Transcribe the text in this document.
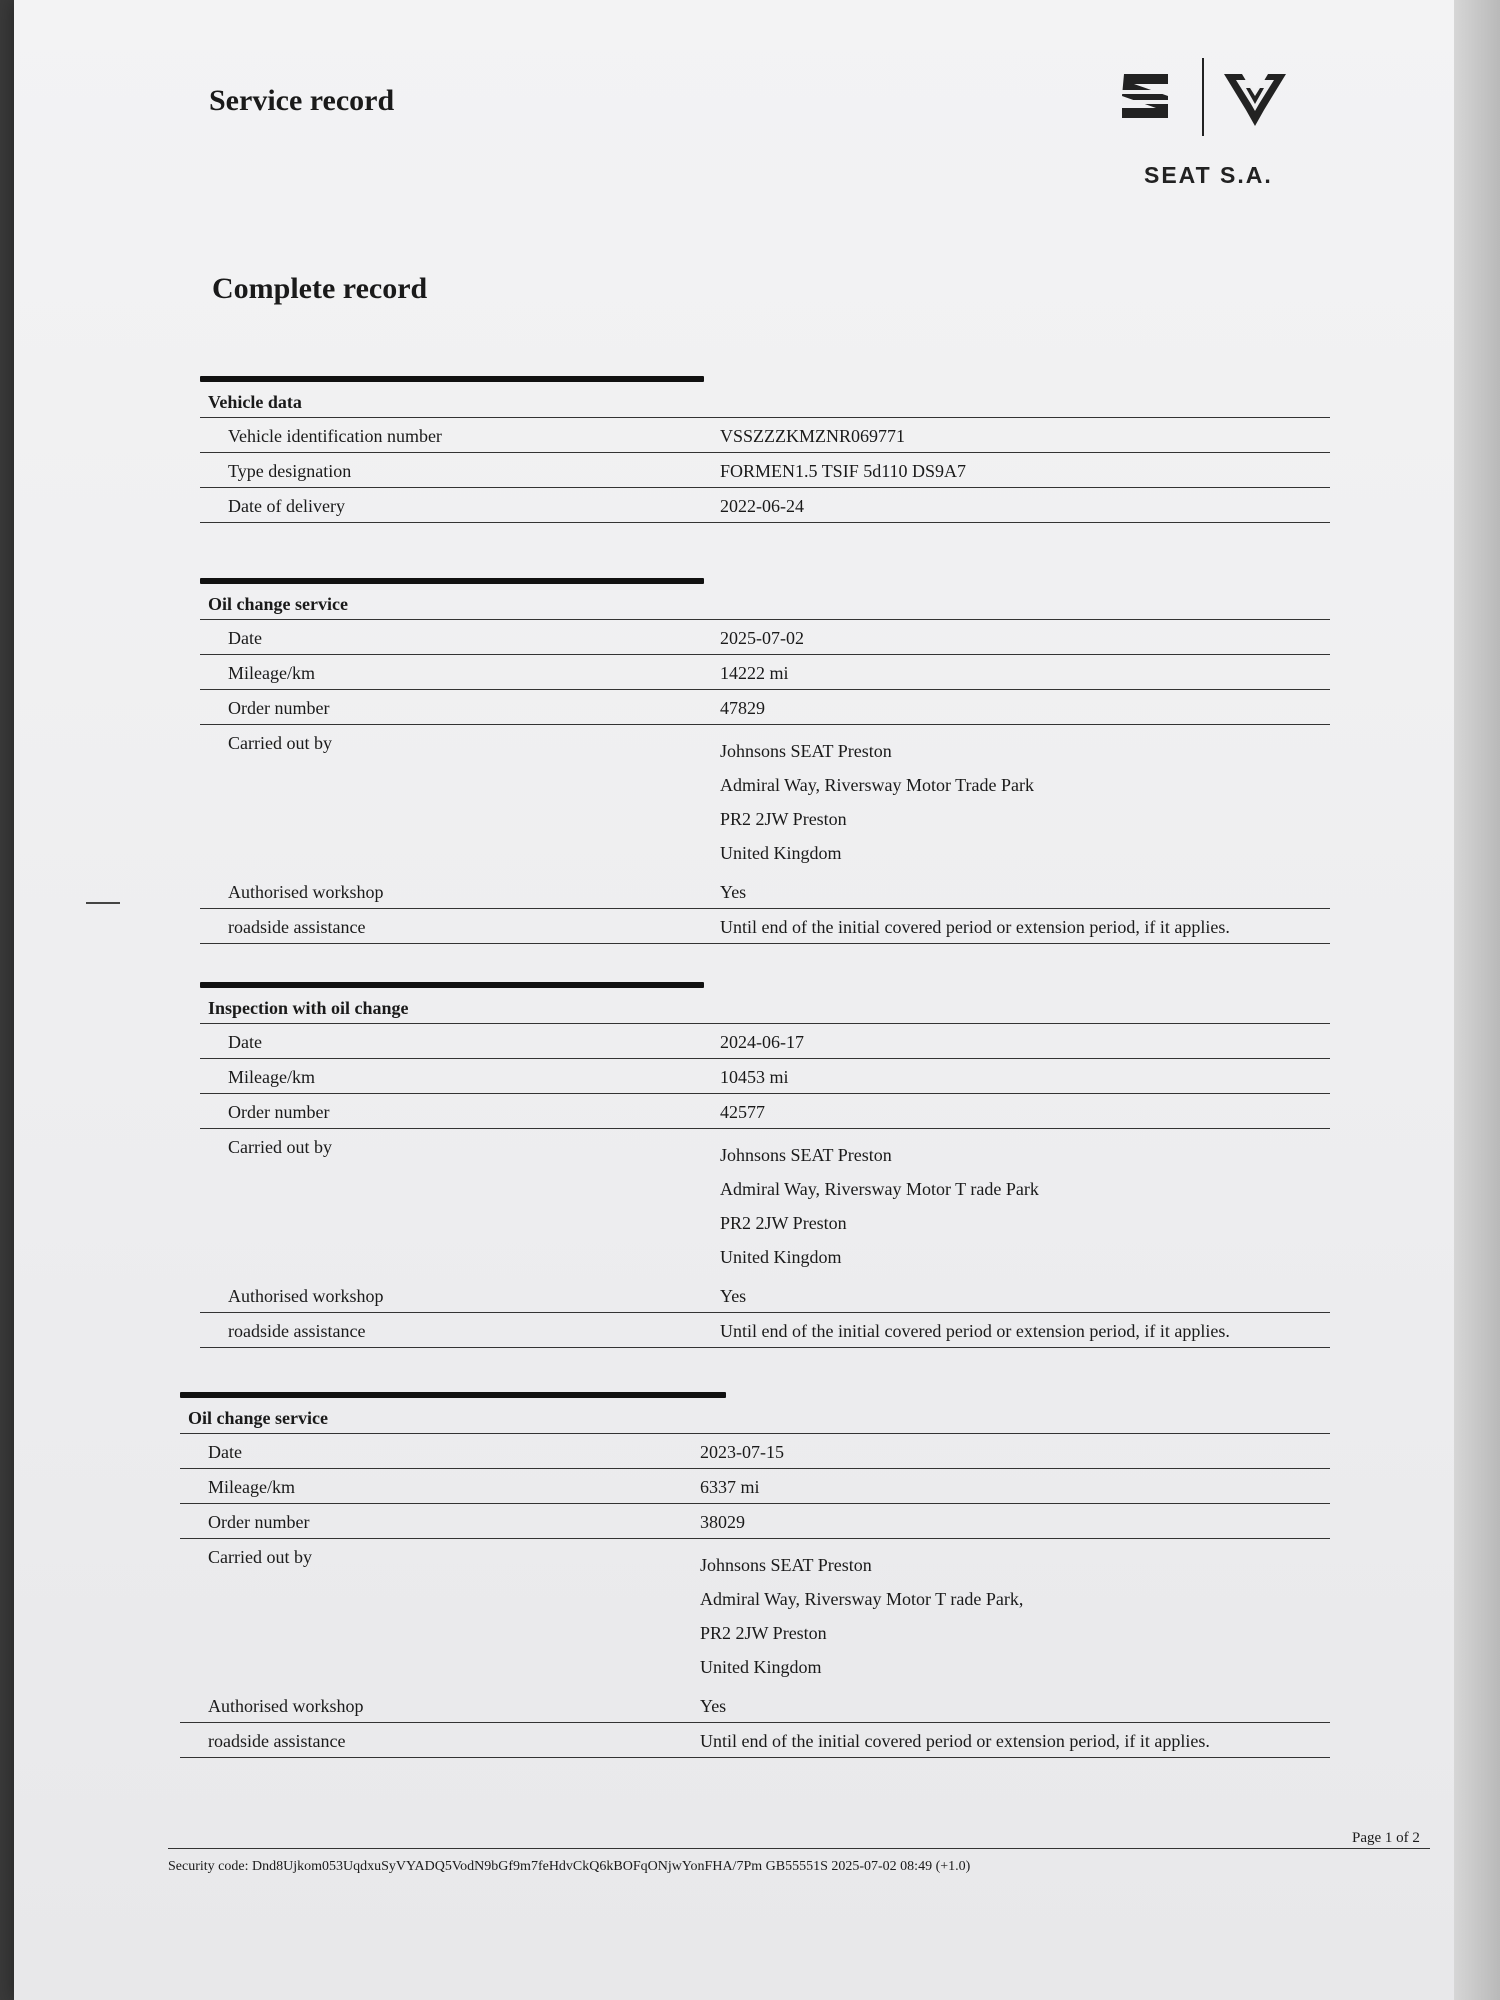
Service record
SEAT S.A.
Complete record
Vehicle data
Vehicle identification number	VSSZZZKMZNR069771
Type designation	FORMEN1.5 TSIF 5d110 DS9A7
Date of delivery	2022-06-24
Oil change service
Date	2025-07-02
Mileage/km	14222 mi
Order number	47829
Carried out by	Johnsons SEAT Preston
Admiral Way, Riversway Motor Trade Park
PR2 2JW Preston
United Kingdom
Authorised workshop	Yes
roadside assistance	Until end of the initial covered period or extension period, if it applies.
Inspection with oil change
Date	2024-06-17
Mileage/km	10453 mi
Order number	42577
Carried out by	Johnsons SEAT Preston
Admiral Way, Riversway Motor T rade Park
PR2 2JW Preston
United Kingdom
Authorised workshop	Yes
roadside assistance	Until end of the initial covered period or extension period, if it applies.
Oil change service
Date	2023-07-15
Mileage/km	6337 mi
Order number	38029
Carried out by	Johnsons SEAT Preston
Admiral Way, Riversway Motor T rade Park,
PR2 2JW Preston
United Kingdom
Authorised workshop	Yes
roadside assistance	Until end of the initial covered period or extension period, if it applies.
Page 1 of 2
Security code: Dnd8Ujkom053UqdxuSyVYADQ5VodN9bGf9m7feHdvCkQ6kBOFqONjwYonFHA/7Pm GB55551S 2025-07-02 08:49 (+1.0)
